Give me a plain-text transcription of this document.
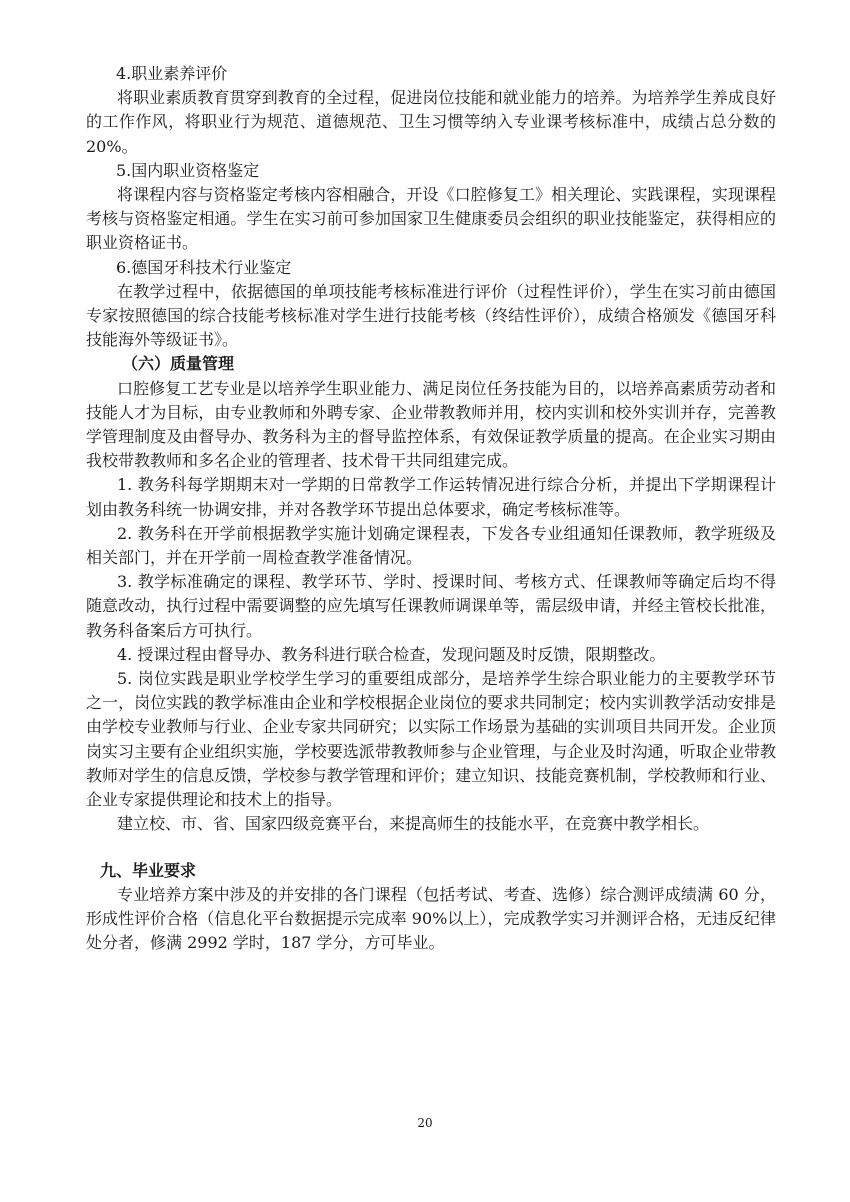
4.职业素养评价

将职业素质教育贯穿到教育的全过程，促进岗位技能和就业能力的培养。为培养学生养成良好的工作作风，将职业行为规范、道德规范、卫生习惯等纳入专业课考核标准中，成绩占总分数的 20%。

5.国内职业资格鉴定

将课程内容与资格鉴定考核内容相融合，开设《口腔修复工》相关理论、实践课程，实现课程考核与资格鉴定相通。学生在实习前可参加国家卫生健康委员会组织的职业技能鉴定，获得相应的职业资格证书。

6.德国牙科技术行业鉴定

在教学过程中，依据德国的单项技能考核标准进行评价（过程性评价），学生在实习前由德国专家按照德国的综合技能考核标准对学生进行技能考核（终结性评价），成绩合格颁发《德国牙科技能海外等级证书》。

（六）质量管理

口腔修复工艺专业是以培养学生职业能力、满足岗位任务技能为目的，以培养高素质劳动者和技能人才为目标，由专业教师和外聘专家、企业带教教师并用，校内实训和校外实训并存，完善教学管理制度及由督导办、教务科为主的督导监控体系，有效保证教学质量的提高。在企业实习期由我校带教教师和多名企业的管理者、技术骨干共同组建完成。

1. 教务科每学期期末对一学期的日常教学工作运转情况进行综合分析，并提出下学期课程计划由教务科统一协调安排，并对各教学环节提出总体要求，确定考核标准等。

2. 教务科在开学前根据教学实施计划确定课程表，下发各专业组通知任课教师，教学班级及相关部门，并在开学前一周检查教学准备情况。

3. 教学标准确定的课程、教学环节、学时、授课时间、考核方式、任课教师等确定后均不得随意改动，执行过程中需要调整的应先填写任课教师调课单等，需层级申请，并经主管校长批准，教务科备案后方可执行。

4. 授课过程由督导办、教务科进行联合检查，发现问题及时反馈，限期整改。

5. 岗位实践是职业学校学生学习的重要组成部分，是培养学生综合职业能力的主要教学环节之一，岗位实践的教学标准由企业和学校根据企业岗位的要求共同制定；校内实训教学活动安排是由学校专业教师与行业、企业专家共同研究；以实际工作场景为基础的实训项目共同开发。企业顶岗实习主要有企业组织实施，学校要选派带教教师参与企业管理，与企业及时沟通，听取企业带教教师对学生的信息反馈，学校参与教学管理和评价；建立知识、技能竞赛机制，学校教师和行业、企业专家提供理论和技术上的指导。

建立校、市、省、国家四级竞赛平台，来提高师生的技能水平，在竞赛中教学相长。

九、毕业要求

专业培养方案中涉及的并安排的各门课程（包括考试、考查、选修）综合测评成绩满 60 分，形成性评价合格（信息化平台数据提示完成率 90%以上），完成教学实习并测评合格，无违反纪律处分者，修满 2992 学时，187 学分，方可毕业。

20
